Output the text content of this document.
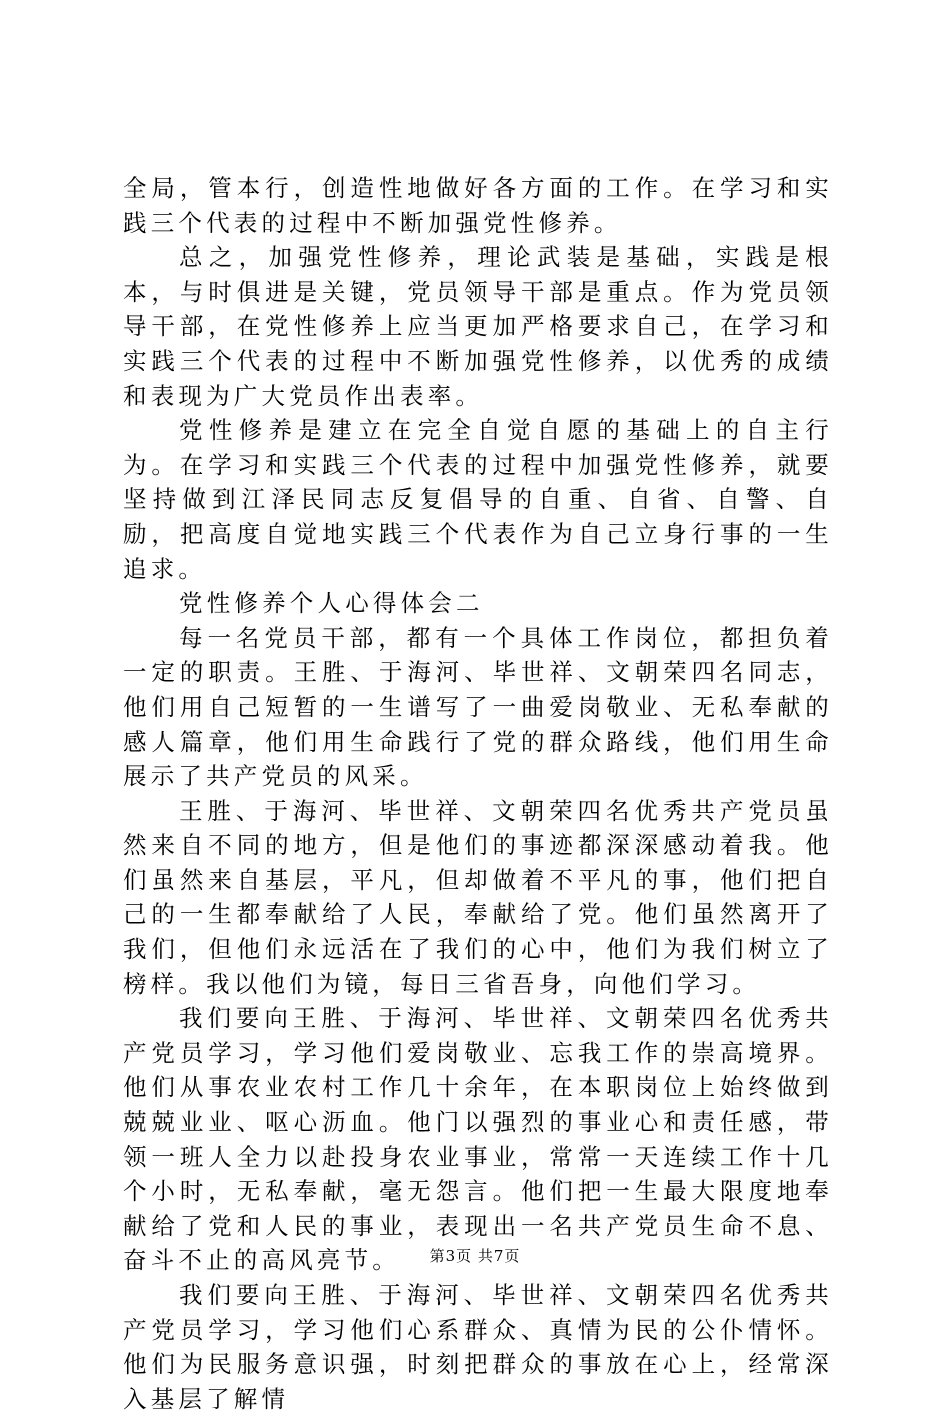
全局，管本行，创造性地做好各方面的工作。在学习和实践三个代表的过程中不断加强党性修养。

总之，加强党性修养，理论武装是基础，实践是根本，与时俱进是关键，党员领导干部是重点。作为党员领导干部，在党性修养上应当更加严格要求自己，在学习和实践三个代表的过程中不断加强党性修养，以优秀的成绩和表现为广大党员作出表率。

党性修养是建立在完全自觉自愿的基础上的自主行为。在学习和实践三个代表的过程中加强党性修养，就要坚持做到江泽民同志反复倡导的自重、自省、自警、自励，把高度自觉地实践三个代表作为自己立身行事的一生追求。

党性修养个人心得体会二

每一名党员干部，都有一个具体工作岗位，都担负着一定的职责。王胜、于海河、毕世祥、文朝荣四名同志，他们用自己短暂的一生谱写了一曲爱岗敬业、无私奉献的感人篇章，他们用生命践行了党的群众路线，他们用生命展示了共产党员的风采。

王胜、于海河、毕世祥、文朝荣四名优秀共产党员虽然来自不同的地方，但是他们的事迹都深深感动着我。他们虽然来自基层，平凡，但却做着不平凡的事，他们把自己的一生都奉献给了人民，奉献给了党。他们虽然离开了我们，但他们永远活在了我们的心中，他们为我们树立了榜样。我以他们为镜，每日三省吾身，向他们学习。

我们要向王胜、于海河、毕世祥、文朝荣四名优秀共产党员学习，学习他们爱岗敬业、忘我工作的崇高境界。他们从事农业农村工作几十余年，在本职岗位上始终做到兢兢业业、呕心沥血。他门以强烈的事业心和责任感，带领一班人全力以赴投身农业事业，常常一天连续工作十几个小时，无私奉献，毫无怨言。他们把一生最大限度地奉献给了党和人民的事业，表现出一名共产党员生命不息、奋斗不止的高风亮节。

我们要向王胜、于海河、毕世祥、文朝荣四名优秀共产党员学习，学习他们心系群众、真情为民的公仆情怀。他们为民服务意识强，时刻把群众的事放在心上，经常深入基层了解情

第3页 共7页
